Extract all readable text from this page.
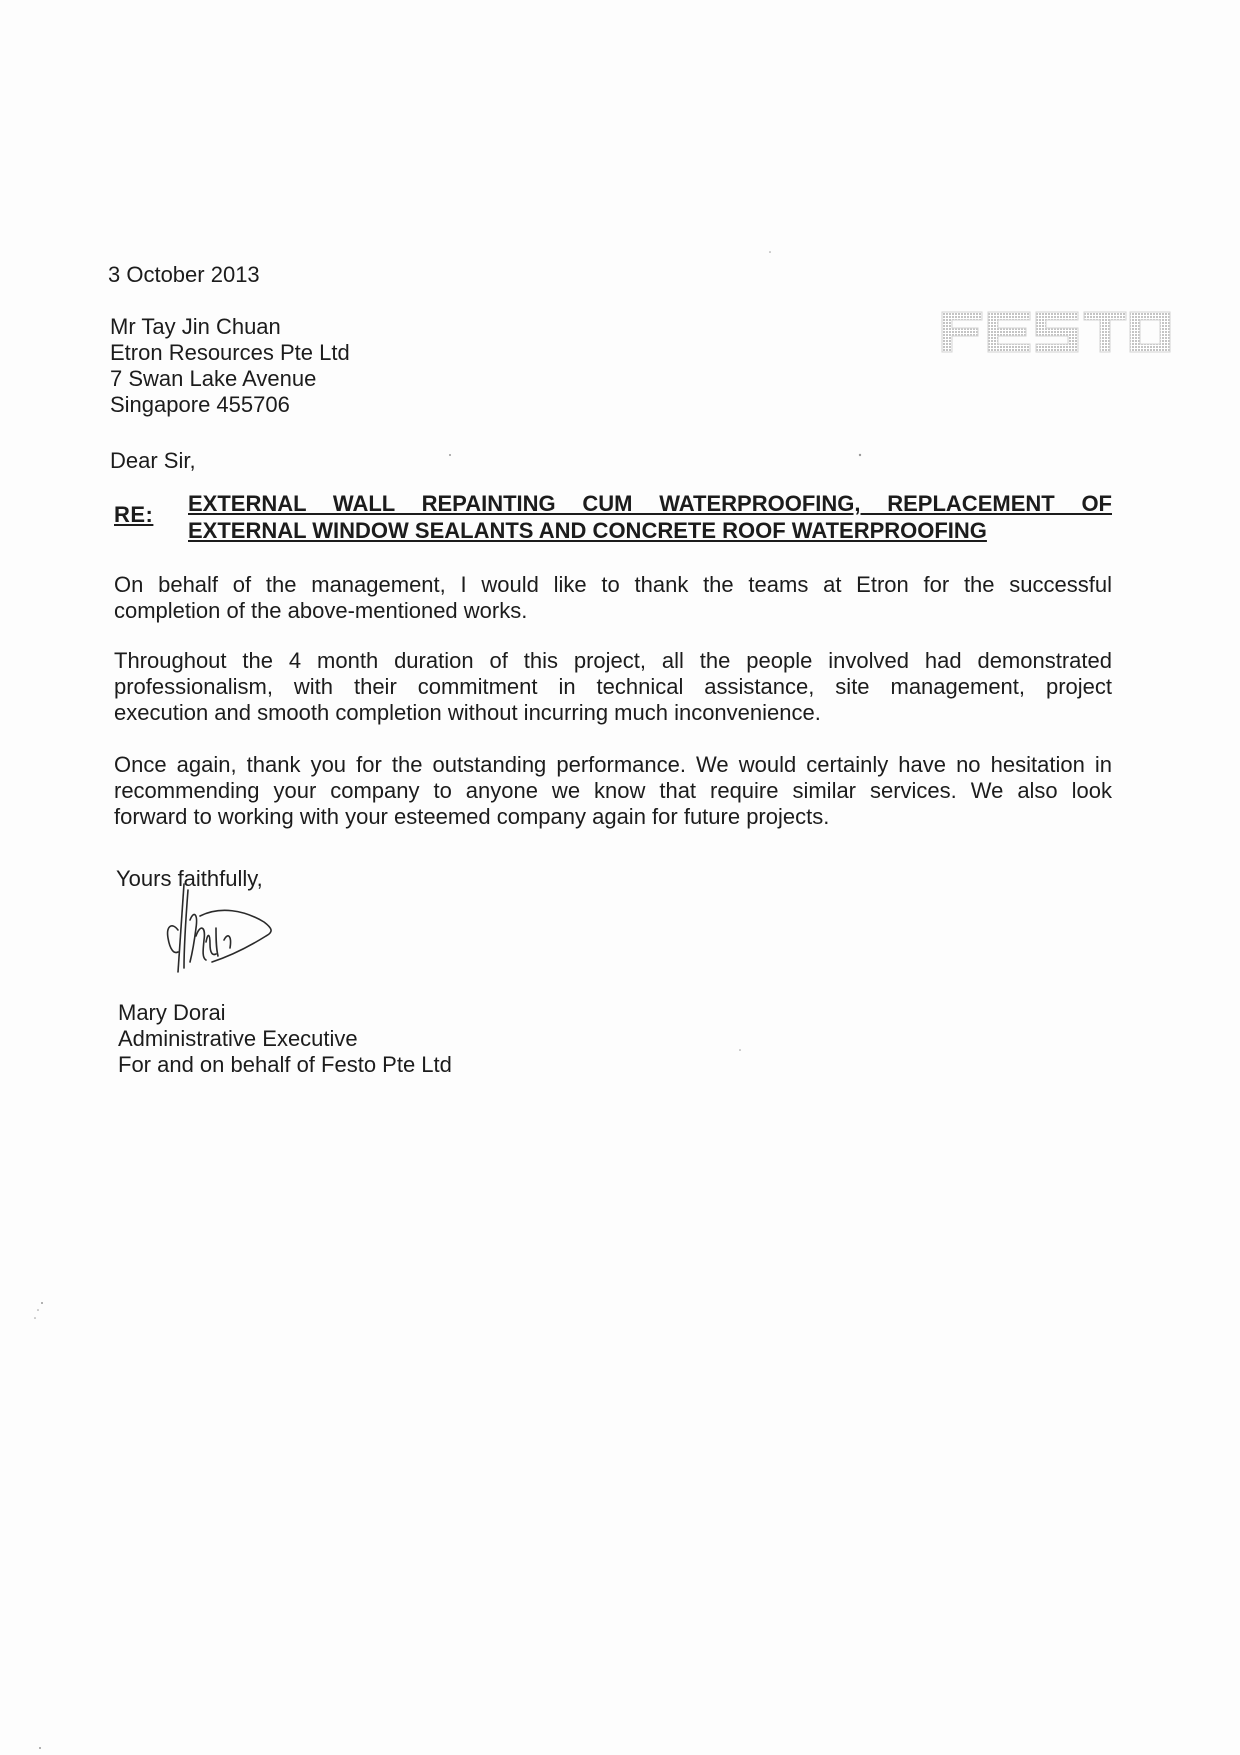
3 October 2013
Mr Tay Jin Chuan
Etron Resources Pte Ltd
7 Swan Lake Avenue
Singapore 455706
Dear Sir,
RE: EXTERNAL WALL REPAINTING CUM WATERPROOFING, REPLACEMENT OF
EXTERNAL WINDOW SEALANTS AND CONCRETE ROOF WATERPROOFING
On behalf of the management, I would like to thank the teams at Etron for the successful
completion of the above-mentioned works.
Throughout the 4 month duration of this project, all the people involved had demonstrated
professionalism, with their commitment in technical assistance, site management, project
execution and smooth completion without incurring much inconvenience.
Once again, thank you for the outstanding performance. We would certainly have no hesitation in
recommending your company to anyone we know that require similar services. We also look
forward to working with your esteemed company again for future projects.
Yours faithfully,
Mary Dorai
Administrative Executive
For and on behalf of Festo Pte Ltd
